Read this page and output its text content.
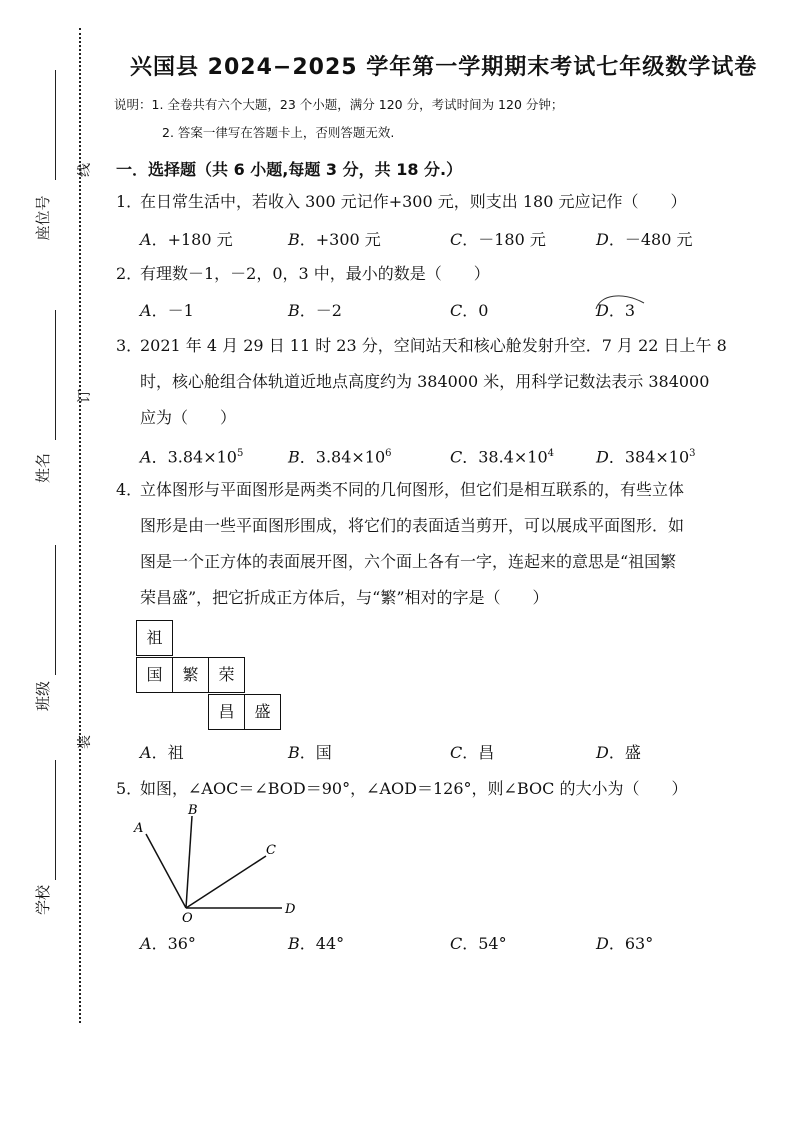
座位号
姓名
班级
学校
线
订
装
兴国县 2024−2025 学年第一学期期末考试七年级数学试卷
说明：1. 全卷共有六个大题，23 个小题，满分 120 分，考试时间为 120 分钟；
2. 答案一律写在答题卡上，否则答题无效.
一．选择题（共 6 小题,每题 3 分，共 18 分.）
1．在日常生活中，若收入 300 元记作+300 元，则支出 180 元应记作（　　）
A．+180 元	B．+300 元	C．－180 元	D．－480 元
2．有理数－1，－2，0，3 中，最小的数是（　　）
A．－1	B．－2	C．0	D．3
3．2021 年 4 月 29 日 11 时 23 分，空间站天和核心舱发射升空．7 月 22 日上午 8
时，核心舱组合体轨道近地点高度约为 384000 米，用科学记数法表示 384000
应为（　　）
A．$3.84\times 10^5$	B．$3.84\times 10^6$	C．$38.4\times 10^4$	D．$384\times 10^3$
4．立体图形与平面图形是两类不同的几何图形，但它们是相互联系的，有些立体
图形是由一些平面图形围成，将它们的表面适当剪开，可以展成平面图形．如
图是一个正方体的表面展开图，六个面上各有一字，连起来的意思是“祖国繁
荣昌盛”，把它折成正方体后，与“繁”相对的字是（　　）
祖
国	繁	荣
昌	盛
A．祖	B．国	C．昌	D．盛
5．如图，∠AOC＝∠BOD＝90°，∠AOD＝126°，则∠BOC 的大小为（　　）
A
B
C
O
D
A．36°	B．44°	C．54°	D．63°
